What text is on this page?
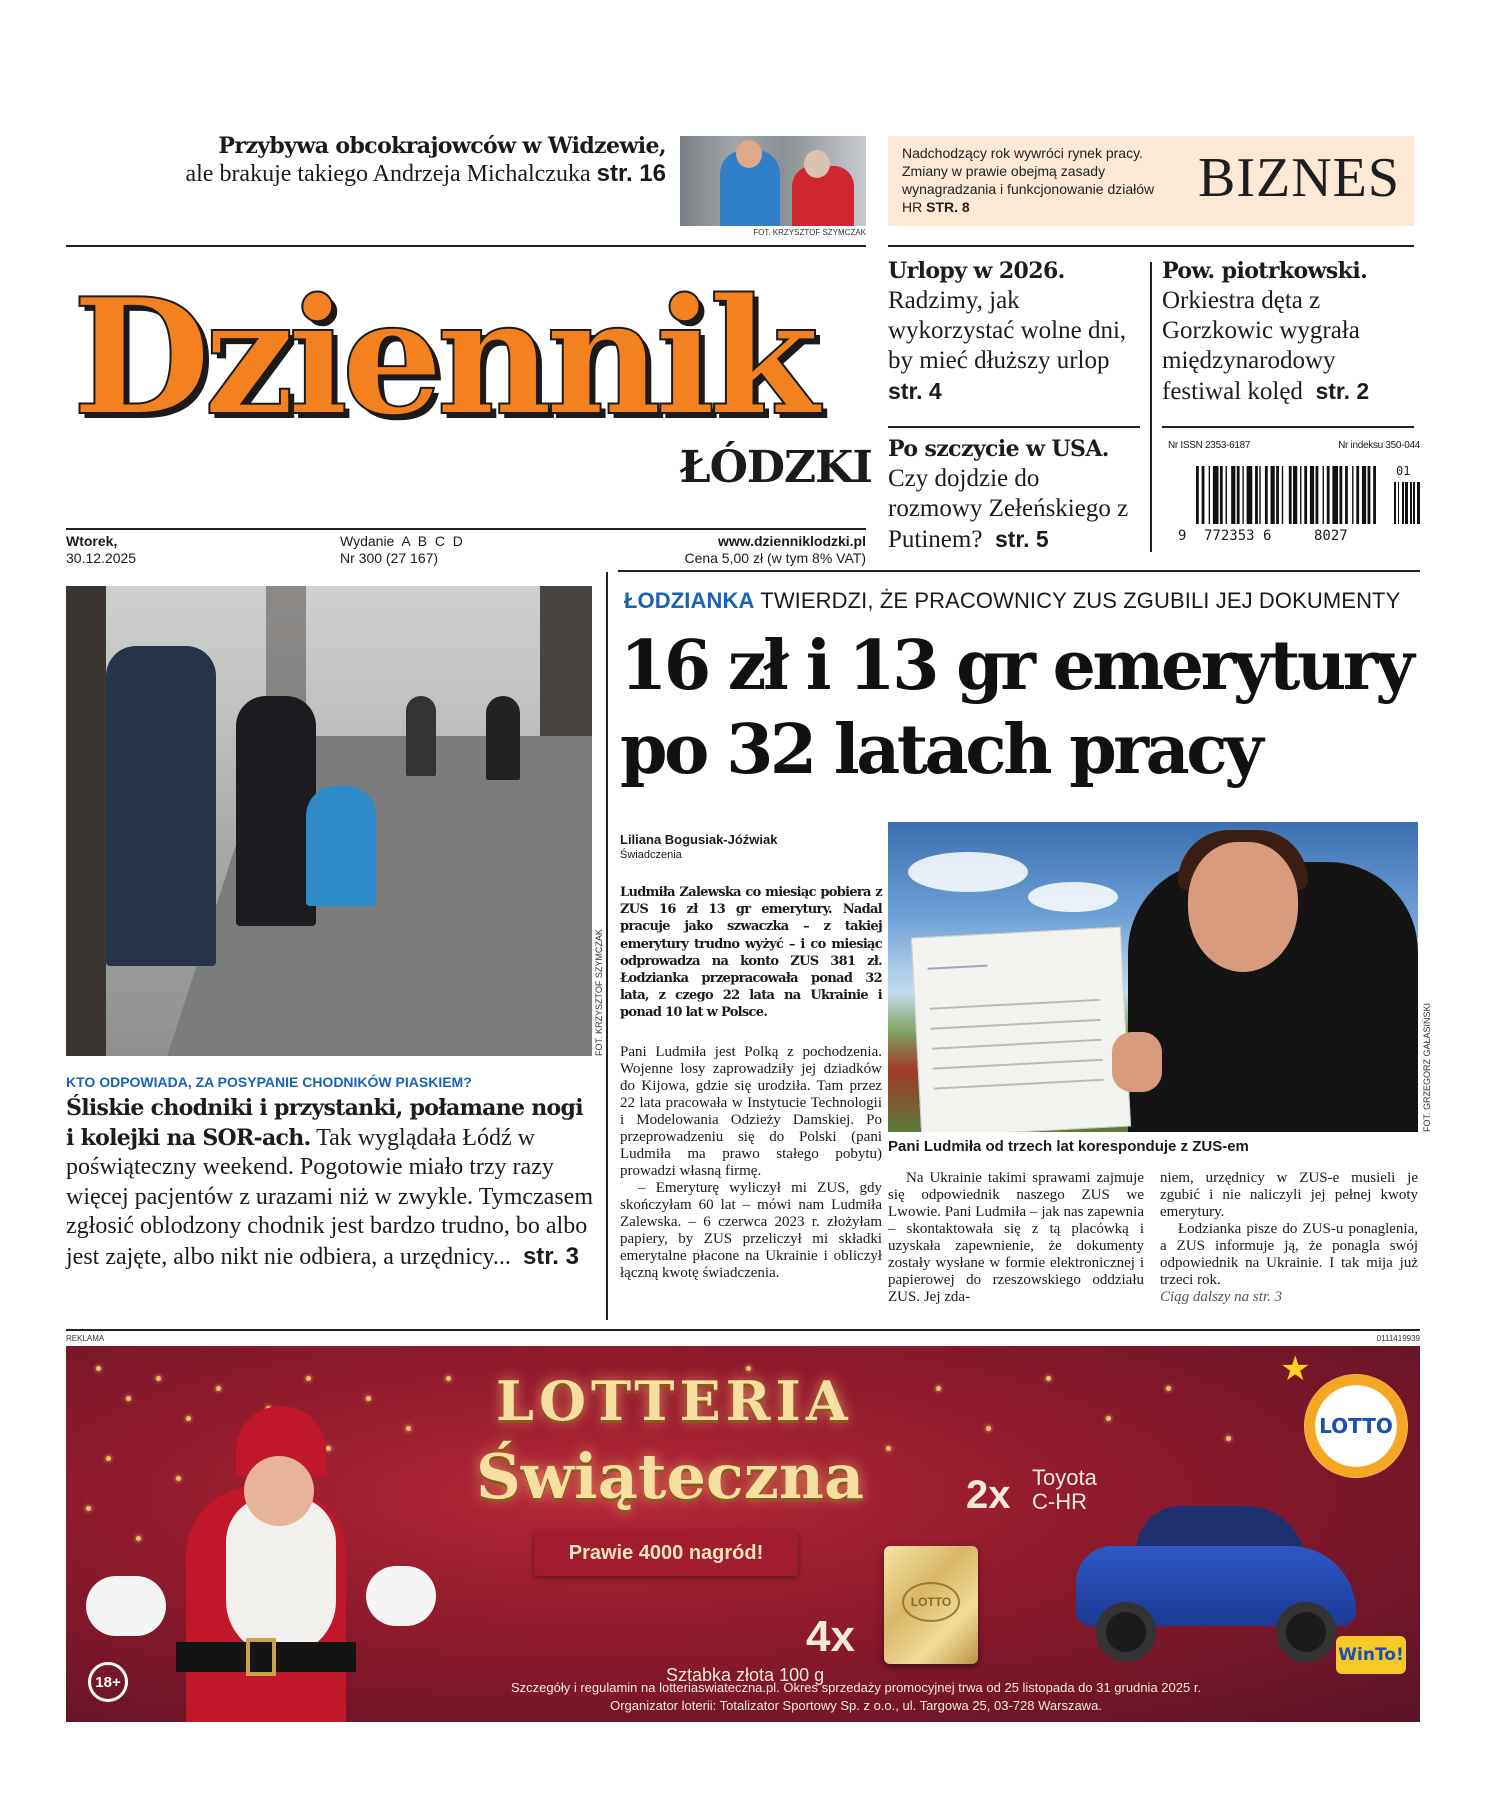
Przybywa obcokrajowców w Widzewie,
ale brakuje takiego Andrzeja Michalczuka str. 16
FOT. KRZYSZTOF SZYMCZAK
Nadchodzący rok wywróci rynek pracy. Zmiany w prawie obejmą zasady wynagradzania i funkcjonowanie działów HR STR. 8	BIZNES
Dziennik
ŁÓDZKI
Wtorek,
30.12.2025
Wydanie  A  B  C  D
Nr 300 (27 167)
www.dzienniklodzki.pl
Cena 5,00 zł (w tym 8% VAT)
Urlopy w 2026.
Radzimy, jak wykorzystać wolne dni, by mieć dłuższy urlop  str. 4
Pow. piotrkowski.
Orkiestra dęta z Gorzkowic wygrała międzynarodowy festiwal kolęd str. 2
Po szczycie w USA.
Czy dojdzie do rozmowy Zełeńskiego z Putinem? str. 5
Nr ISSN 2353-6187	Nr indeksu 350-044
9 772353 6	8027
01
ŁODZIANKA TWIERDZI, ŻE PRACOWNICY ZUS ZGUBILI JEJ DOKUMENTY
16 zł i 13 gr emerytury
po 32 latach pracy
Liliana Bogusiak-Jóźwiak
Świadczenia
Ludmiła Zalewska co miesiąc pobiera z ZUS 16 zł 13 gr emerytury. Nadal pracuje jako szwaczka – z takiej emerytury trudno wyżyć – i co miesiąc odprowadza na konto ZUS 381 zł. Łodzianka przepracowała ponad 32 lata, z czego 22 lata na Ukrainie i ponad 10 lat w Polsce.

Pani Ludmiła jest Polką z pochodzenia. Wojenne losy zaprowadziły jej dziadków do Kijowa, gdzie się urodziła. Tam przez 22 lata pracowała w Instytucie Technologii i Modelowania Odzieży Damskiej. Po przeprowadzeniu się do Polski (pani Ludmiła ma prawo stałego pobytu) prowadzi własną firmę.

– Emeryturę wyliczył mi ZUS, gdy skończyłam 60 lat – mówi nam Ludmiła Zalewska. – 6 czerwca 2023 r. złożyłam papiery, by ZUS przeliczył mi składki emerytalne płacone na Ukrainie i obliczył łączną kwotę świadczenia.

FOT. GRZEGORZ GAŁASIŃSKI
Pani Ludmiła od trzech lat koresponduje z ZUS-em

Na Ukrainie takimi sprawami zajmuje się odpowiednik naszego ZUS we Lwowie. Pani Ludmiła – jak nas zapewnia – skontaktowała się z tą placówką i uzyskała zapewnienie, że dokumenty zostały wysłane w formie elektronicznej i papierowej do rzeszowskiego oddziału ZUS. Jej zda-

niem, urzędnicy w ZUS-e musieli je zgubić i nie naliczyli jej pełnej kwoty emerytury.

Łodzianka pisze do ZUS-u ponaglenia, a ZUS informuje ją, że ponagla swój odpowiednik na Ukrainie. I tak mija już trzeci rok.

Ciąg dalszy na str. 3

FOT. KRZYSZTOF SZYMCZAK
KTO ODPOWIADA, ZA POSYPANIE CHODNIKÓW PIASKIEM?
Śliskie chodniki i przystanki, połamane nogi i kolejki na SOR-ach. Tak wyglądała Łódź w poświąteczny weekend. Pogotowie miało trzy razy więcej pacjentów z urazami niż w zwykle. Tymczasem zgłosić oblodzony chodnik jest bardzo trudno, bo albo jest zajęte, albo nikt nie odbiera, a urzędnicy... str. 3
REKLAMA	0111419939
LOTTERIA
Świąteczna
Prawie 4000 nagród!
2x Toyota
C-HR
LOTTO
4x
Sztabka złota 100 g
LOTTO
★
WinTo!
18+	Szczegóły i regulamin na lotteriaswiateczna.pl. Okres sprzedaży promocyjnej trwa od 25 listopada do 31 grudnia 2025 r.
Organizator loterii: Totalizator Sportowy Sp. z o.o., ul. Targowa 25, 03-728 Warszawa.
